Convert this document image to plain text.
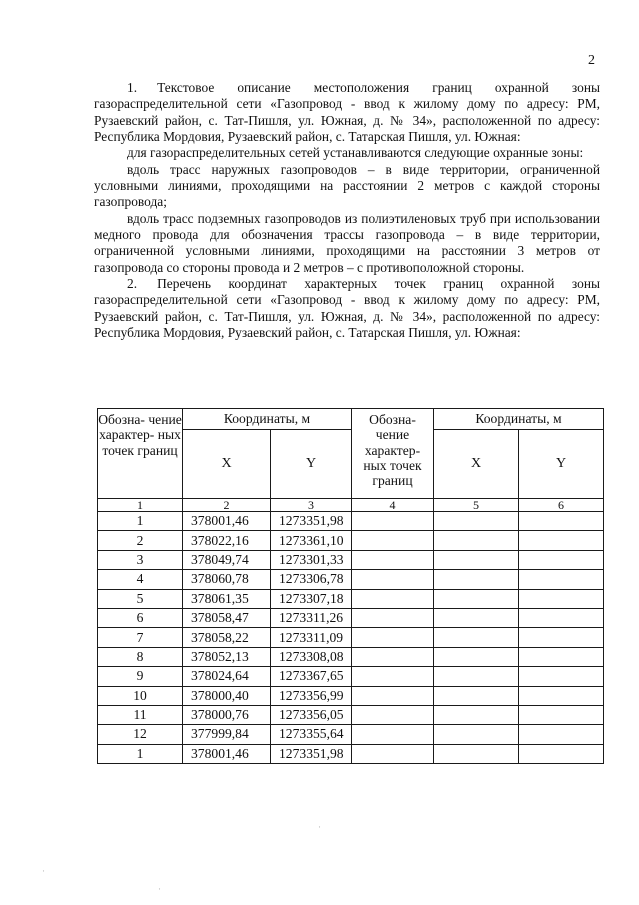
2

1.  Текстовое описание местоположения границ охранной зоны газораспределительной сети «Газопровод - ввод к жилому дому по адресу: РМ, Рузаевский район, с. Тат-Пишля, ул. Южная, д. № 34», расположенной по адресу: Республика Мордовия, Рузаевский район, с. Татарская Пишля, ул. Южная:

для газораспределительных сетей устанавливаются следующие охранные зоны:

вдоль трасс наружных газопроводов – в виде территории, ограниченной условными линиями, проходящими на расстоянии 2 метров с каждой стороны газопровода;

вдоль трасс подземных газопроводов из полиэтиленовых труб при использовании медного провода для обозначения трассы газопровода – в виде территории, ограниченной условными линиями, проходящими на расстоянии 3 метров от газопровода со стороны провода и 2 метров – с противоположной стороны.

2.  Перечень координат характерных точек границ охранной зоны газораспределительной сети «Газопровод - ввод к жилому дому по адресу: РМ, Рузаевский район, с. Тат-Пишля, ул. Южная, д. № 34», расположенной по адресу: Республика Мордовия, Рузаевский район, с. Татарская Пишля, ул. Южная:

Обозна- чение характер- ных точек границ	Координаты, м		Обозна- чение характер- ных точек границ	Координаты, м	
	X	Y		X	Y
1	2	3	4	5	6
1	378001,46	1273351,98			
2	378022,16	1273361,10			
3	378049,74	1273301,33			
4	378060,78	1273306,78			
5	378061,35	1273307,18			
6	378058,47	1273311,26			
7	378058,22	1273311,09			
8	378052,13	1273308,08			
9	378024,64	1273367,65			
10	378000,40	1273356,99			
11	378000,76	1273356,05			
12	377999,84	1273355,64			
1	378001,46	1273351,98			
·
·
·
